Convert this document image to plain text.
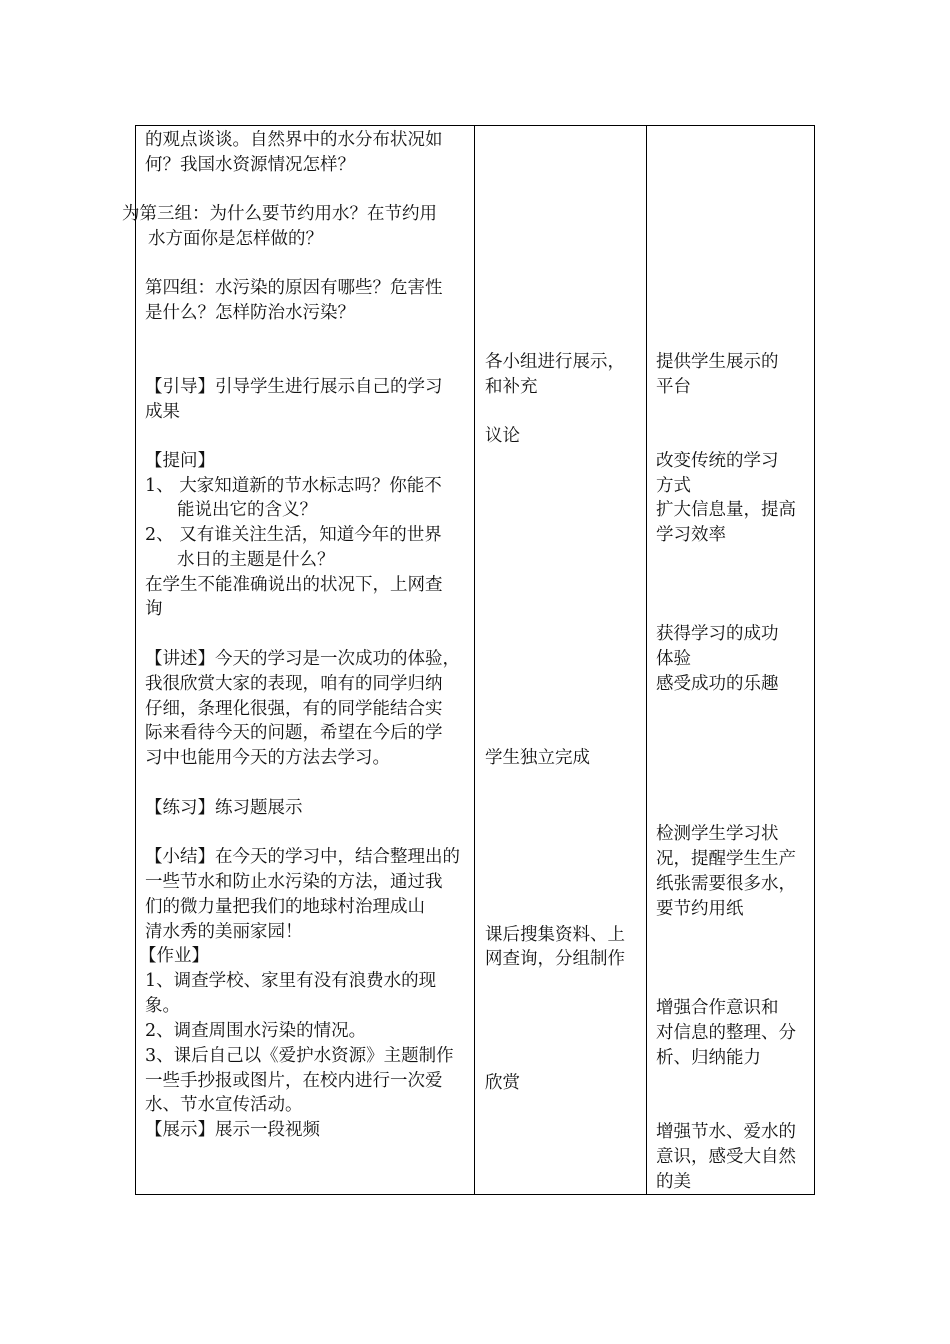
的观点谈谈。自然界中的水分布状况如
何？我国水资源情况怎样？
为第三组：为什么要节约用水？在节约用
水方面你是怎样做的？
第四组：水污染的原因有哪些？危害性
是什么？怎样防治水污染？
【引导】引导学生进行展示自己的学习
成果
【提问】
1、 大家知道新的节水标志吗？你能不
能说出它的含义？
2、 又有谁关注生活，知道今年的世界
水日的主题是什么？
在学生不能准确说出的状况下，上网查
询
【讲述】今天的学习是一次成功的体验，
我很欣赏大家的表现，咱有的同学归纳
仔细，条理化很强，有的同学能结合实
际来看待今天的问题，希望在今后的学
习中也能用今天的方法去学习。
【练习】练习题展示
【小结】在今天的学习中，结合整理出的
一些节水和防止水污染的方法，通过我
们的微力量把我们的地球村治理成山
清水秀的美丽家园！
【作业】
1、调查学校、家里有没有浪费水的现
象。
2、调查周围水污染的情况。
3、课后自己以《爱护水资源》主题制作
一些手抄报或图片，在校内进行一次爱
水、节水宣传活动。
【展示】展示一段视频
各小组进行展示，
和补充
议论
学生独立完成
课后搜集资料、上
网查询，分组制作
欣赏
提供学生展示的
平台
改变传统的学习
方式
扩大信息量，提高
学习效率
获得学习的成功
体验
感受成功的乐趣
检测学生学习状
况，提醒学生生产
纸张需要很多水，
要节约用纸
增强合作意识和
对信息的整理、分
析、归纳能力
增强节水、爱水的
意识，感受大自然
的美
